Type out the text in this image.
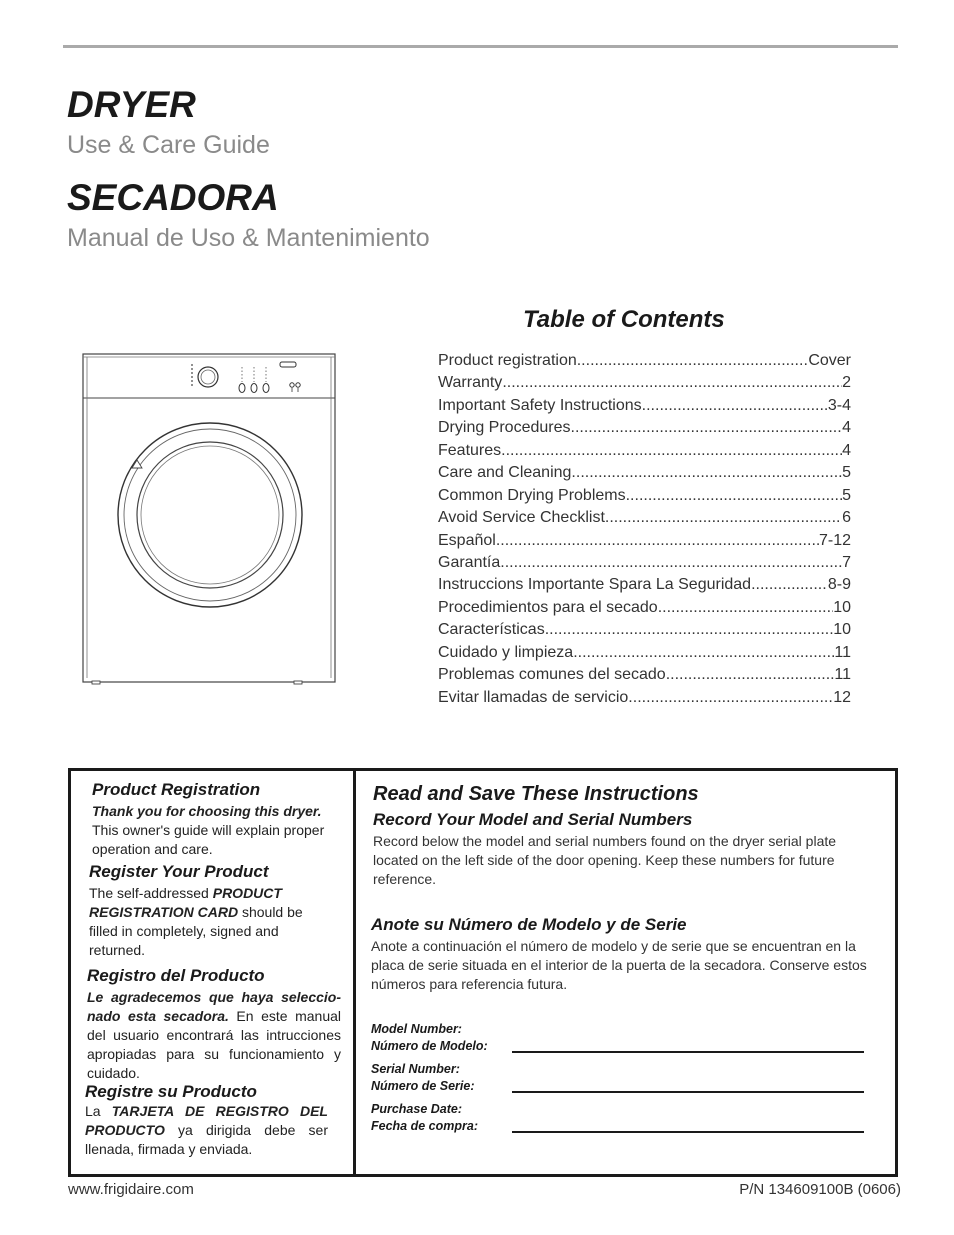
DRYER
Use & Care Guide
SECADORA
Manual de Uso & Mantenimiento
Table of Contents
Product registration .....	Cover
Warranty .....	2
Important Safety Instructions .....	3-4
Drying Procedures .....	4
Features .....	4
Care and Cleaning .....	5
Common Drying Problems .....	5
Avoid Service Checklist .....	6
Español .....	7-12
Garantía .....	7
Instruccions Importante Spara La Seguridad .....	8-9
Procedimientos para el secado .....	10
Características .....	10
Cuidado y limpieza .....	11
Problemas comunes del secado .....	11
Evitar llamadas de servicio .....	12
Product Registration
Thank you for choosing this dryer. This owner's guide will explain proper operation and care.
Register Your Product
The self-addressed PRODUCT REGISTRATION CARD should be filled in completely, signed and returned.
Registro del Producto
Le agradecemos que haya seleccio-nado esta secadora. En este manual del usuario encontrará las intrucciones apropiadas para su funcionamiento y cuidado.
Registre su Producto
La TARJETA DE REGISTRO DEL PRODUCTO ya dirigida debe ser llenada, firmada y enviada.
Read and Save These Instructions
Record Your Model and Serial Numbers
Record below the model and serial numbers found on the dryer serial plate located on the left side of the door opening. Keep these numbers for future reference.
Anote su Número de Modelo y de Serie
Anote a continuación el número de modelo y de serie que se encuentran en la placa de serie situada en el interior de la puerta de la secadora. Conserve estos números para referencia futura.
Model Number:
Número de Modelo:
Serial Number:
Número de Serie:
Purchase Date:
Fecha de compra:
www.frigidaire.com	P/N 134609100B (0606)
